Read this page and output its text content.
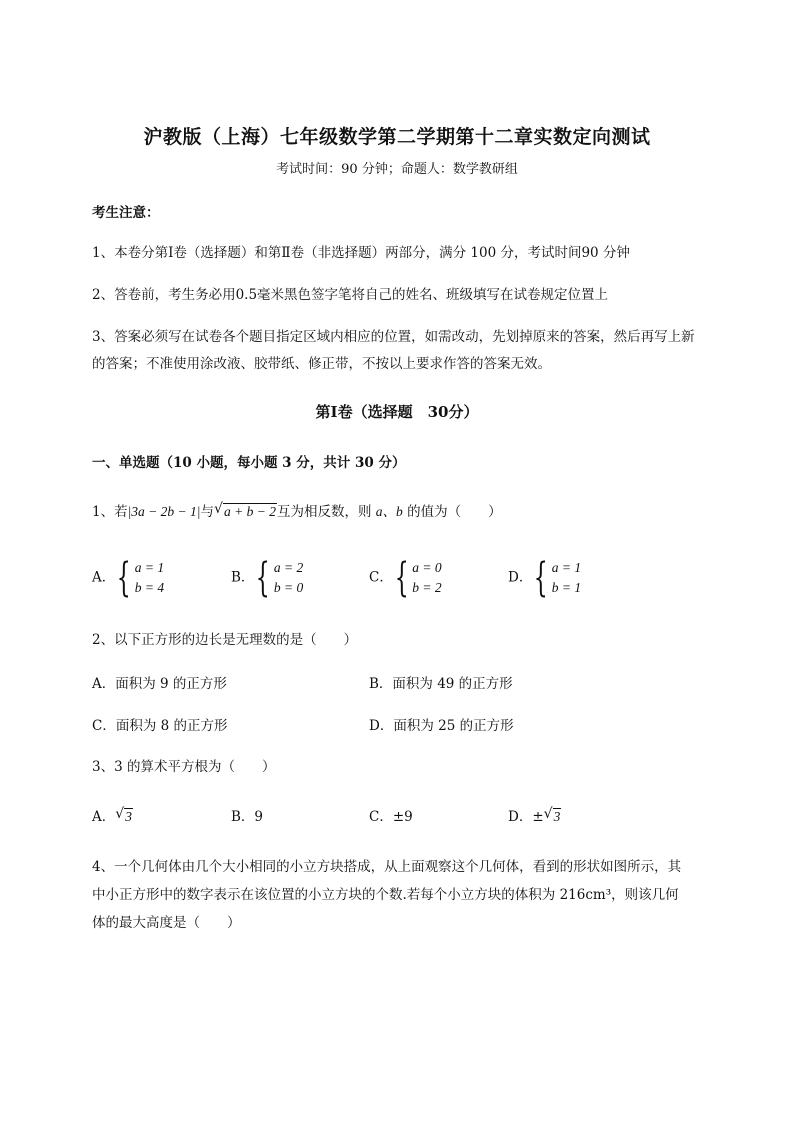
沪教版（上海）七年级数学第二学期第十二章实数定向测试
考试时间：90 分钟；命题人：数学教研组
考生注意：
1、本卷分第Ⅰ卷（选择题）和第Ⅱ卷（非选择题）两部分，满分 100 分，考试时间90 分钟
2、答卷前，考生务必用0.5毫米黑色签字笔将自己的姓名、班级填写在试卷规定位置上
3、答案必须写在试卷各个题目指定区域内相应的位置，如需改动，先划掉原来的答案，然后再写上新
的答案；不准使用涂改液、胶带纸、修正带，不按以上要求作答的答案无效。
第Ⅰ卷（选择题　30分）
一、单选题（10 小题，每小题 3 分，共计 30 分）
1、若|3a − 2b − 1|与 √ a + b − 2互为相反数，则 a、b 的值为（　　）
A． { a = 1
b = 4
B． { a = 2
b = 0
C． { a = 0
b = 2
D． { a = 1
b = 1
2、以下正方形的边长是无理数的是（　　）
A．面积为 9 的正方形	B．面积为 49 的正方形
C．面积为 8 的正方形	D．面积为 25 的正方形
3、3 的算术平方根为（　　）
A． √ 3	B．9	C．±9	D．± √ 3
4、一个几何体由几个大小相同的小立方块搭成，从上面观察这个几何体，看到的形状如图所示，其
中小正方形中的数字表示在该位置的小立方块的个数.若每个小立方块的体积为 216cm³，则该几何
体的最大高度是（　　）
